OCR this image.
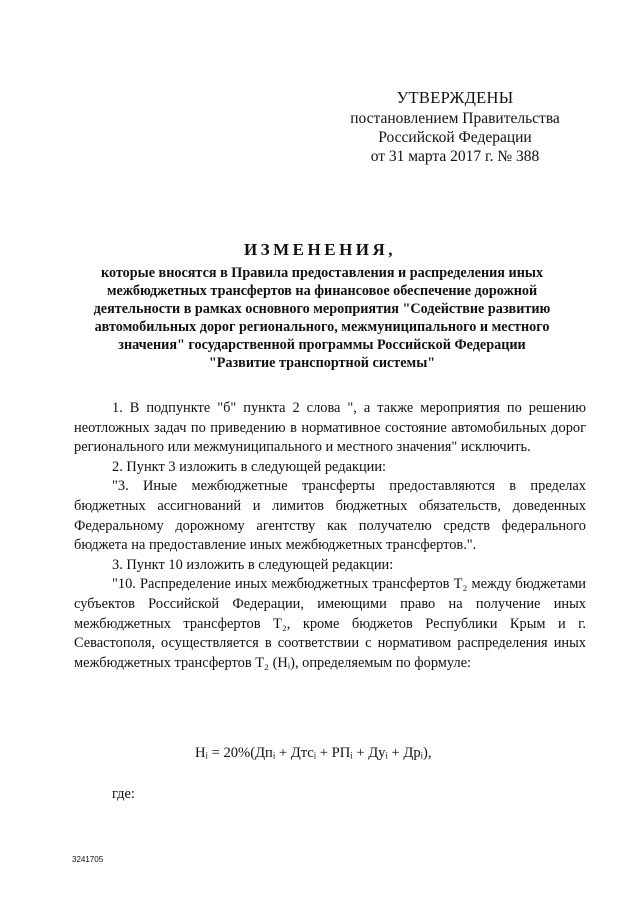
УТВЕРЖДЕНЫ
постановлением Правительства
Российской Федерации
от 31 марта 2017 г. № 388
ИЗМЕНЕНИЯ,
которые вносятся в Правила предоставления и распределения иных
межбюджетных трансфертов на финансовое обеспечение дорожной
деятельности в рамках основного мероприятия "Содействие развитию
автомобильных дорог регионального, межмуниципального и местного
значения" государственной программы Российской Федерации
"Развитие транспортной системы"

1. В подпункте "б" пункта 2 слова ", а также мероприятия по решению неотложных задач по приведению в нормативное состояние автомобильных дорог регионального или межмуниципального и местного значения" исключить.

2. Пункт 3 изложить в следующей редакции:

"3. Иные межбюджетные трансферты предоставляются в пределах бюджетных ассигнований и лимитов бюджетных обязательств, доведенных Федеральному дорожному агентству как получателю средств федерального бюджета на предоставление иных межбюджетных трансфертов.".

3. Пункт 10 изложить в следующей редакции:

"10. Распределение иных межбюджетных трансфертов Т₂ между бюджетами субъектов Российской Федерации, имеющими право на получение иных межбюджетных трансфертов Т₂, кроме бюджетов Республики Крым и г. Севастополя, осуществляется в соответствии с нормативом распределения иных межбюджетных трансфертов Т₂ (Нᵢ), определяемым по формуле:

Нᵢ = 20%(Дпᵢ + Дтсᵢ + РПᵢ + Дуᵢ + Дрᵢ),
где:
3241705
